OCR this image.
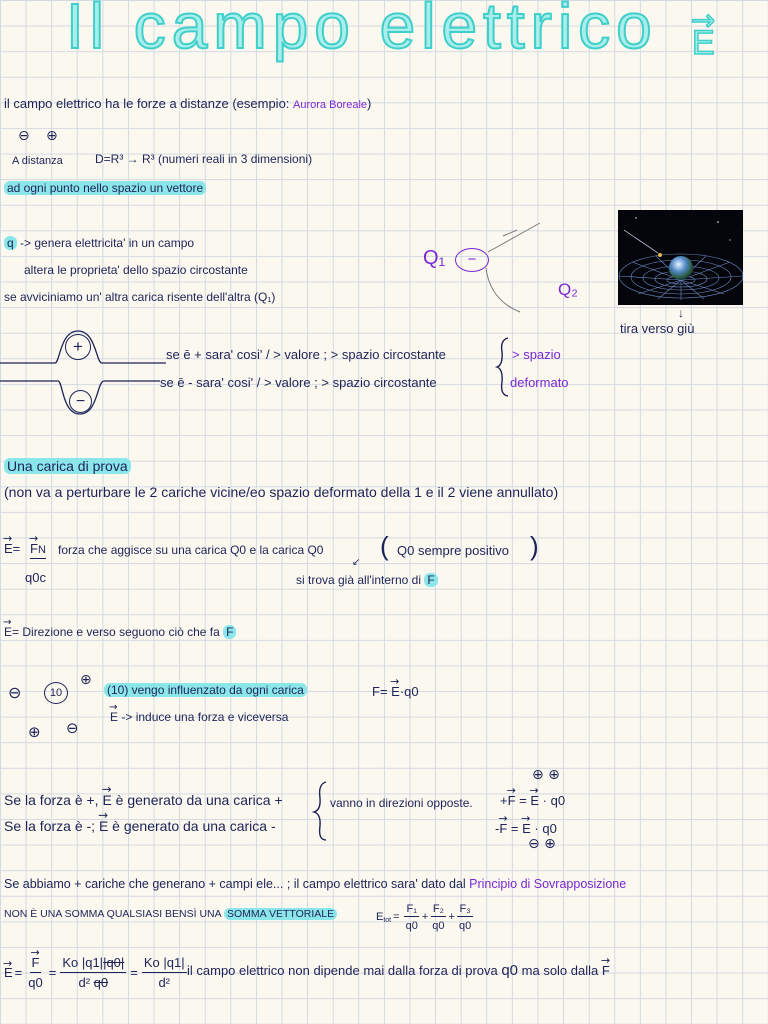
Il campo elettrico → E
il campo elettrico ha le forze a distanze (esempio: Aurora Boreale)
⊖ ⊕
A distanza	D=R³ → R³ (numeri reali in 3 dimensioni)
ad ogni punto nello spazio un vettore
q -> genera elettricita' in un campo
altera le proprieta' dello spazio circostante
se avviciniamo un' altra carica risente dell'altra (Q₁)
Q₁	−
Q₂
↓
tira verso giù
+
−
se ē + sara' cosi' / > valore ; > spazio circostante
se ē - sara' cosi' / > valore ; > spazio circostante
> spazio
deformato
Una carica di prova
(non va a perturbare le 2 cariche vicine/eo spazio deformato della 1 e il 2 viene annullato)
→ E= → FN
q0c
forza che aggisce su una carica Q0 e la carica Q0 ( Q0 sempre positivo )
↙
si trova già all'interno di F
→ E= Direzione e verso seguono ciò che fa F
⊖	10
⊕
⊕ ⊖
(10) vengo influenzato da ogni carica	F= → E·q0
→ E -> induce una forza e viceversa
⊕ ⊕
Se la forza è +, → E è generato da una carica +
Se la forza è -; → E è generato da una carica -
vanno in direzioni opposte. +→ F = → E · q0
-→ F = → E · q0
⊖ ⊕
Se abbiamo + cariche che generano + campi ele... ; il campo elettrico sara' dato dal Principio di Sovrapposizione
NON È UNA SOMMA QUALSIASI BENSÌ UNA SOMMA VETTORIALE	E tot = $\frac{\text{F₁}}{q0} + \frac{\text{F₂}}{q0} + \frac{\text{F₃}}{q0}$
→ E = → $\frac{F}{q0} = \frac{Ko |q1||q0|}{\text{d² q0}} = \frac{Ko |q1|}{\text{d²}}$ il campo elettrico non dipende mai dalla forza di prova q0 ma solo dalla → F
